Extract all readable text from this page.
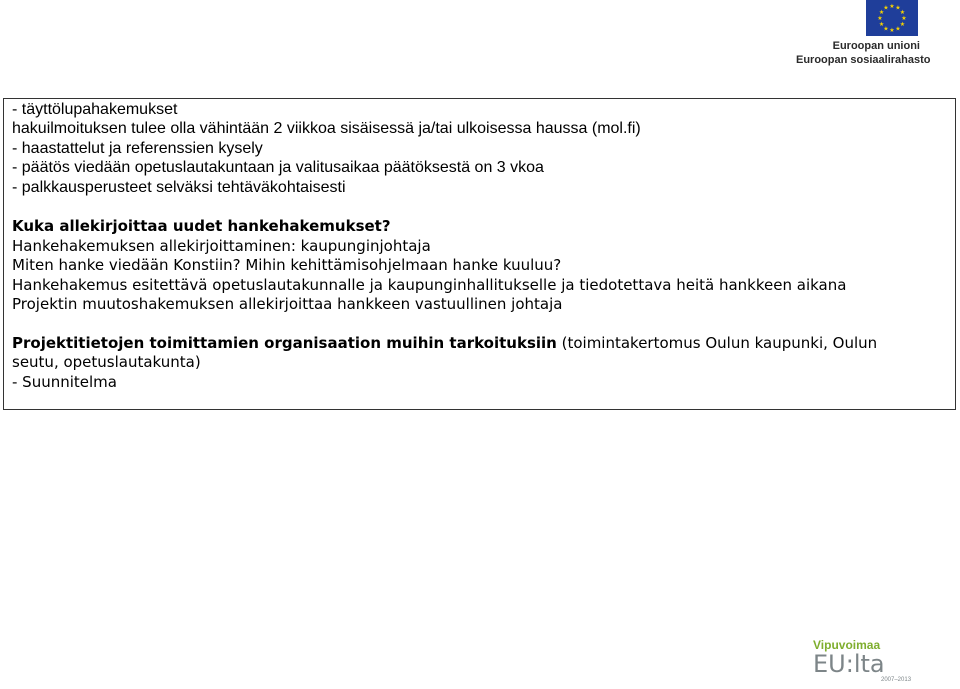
★ ★
★
★
★
★
★
★
★
★
★
★
Euroopan unioni
Euroopan sosiaalirahasto
- täyttölupahakemukset
hakuilmoituksen tulee olla vähintään 2 viikkoa sisäisessä ja/tai ulkoisessa haussa (mol.fi)
- haastattelut ja referenssien kysely
- päätös viedään opetuslautakuntaan ja valitusaikaa päätöksestä on 3 vkoa
- palkkausperusteet selväksi tehtäväkohtaisesti
Kuka allekirjoittaa uudet hankehakemukset?
Hankehakemuksen allekirjoittaminen: kaupunginjohtaja
Miten hanke viedään Konstiin? Mihin kehittämisohjelmaan hanke kuuluu?
Hankehakemus esitettävä opetuslautakunnalle ja kaupunginhallitukselle ja tiedotettava heitä hankkeen aikana
Projektin muutoshakemuksen allekirjoittaa hankkeen vastuullinen johtaja
Projektitietojen toimittamien organisaation muihin tarkoituksiin (toimintakertomus Oulun kaupunki, Oulun
seutu, opetuslautakunta)
- Suunnitelma
Vipuvoimaa
EU:lta
2007–2013
